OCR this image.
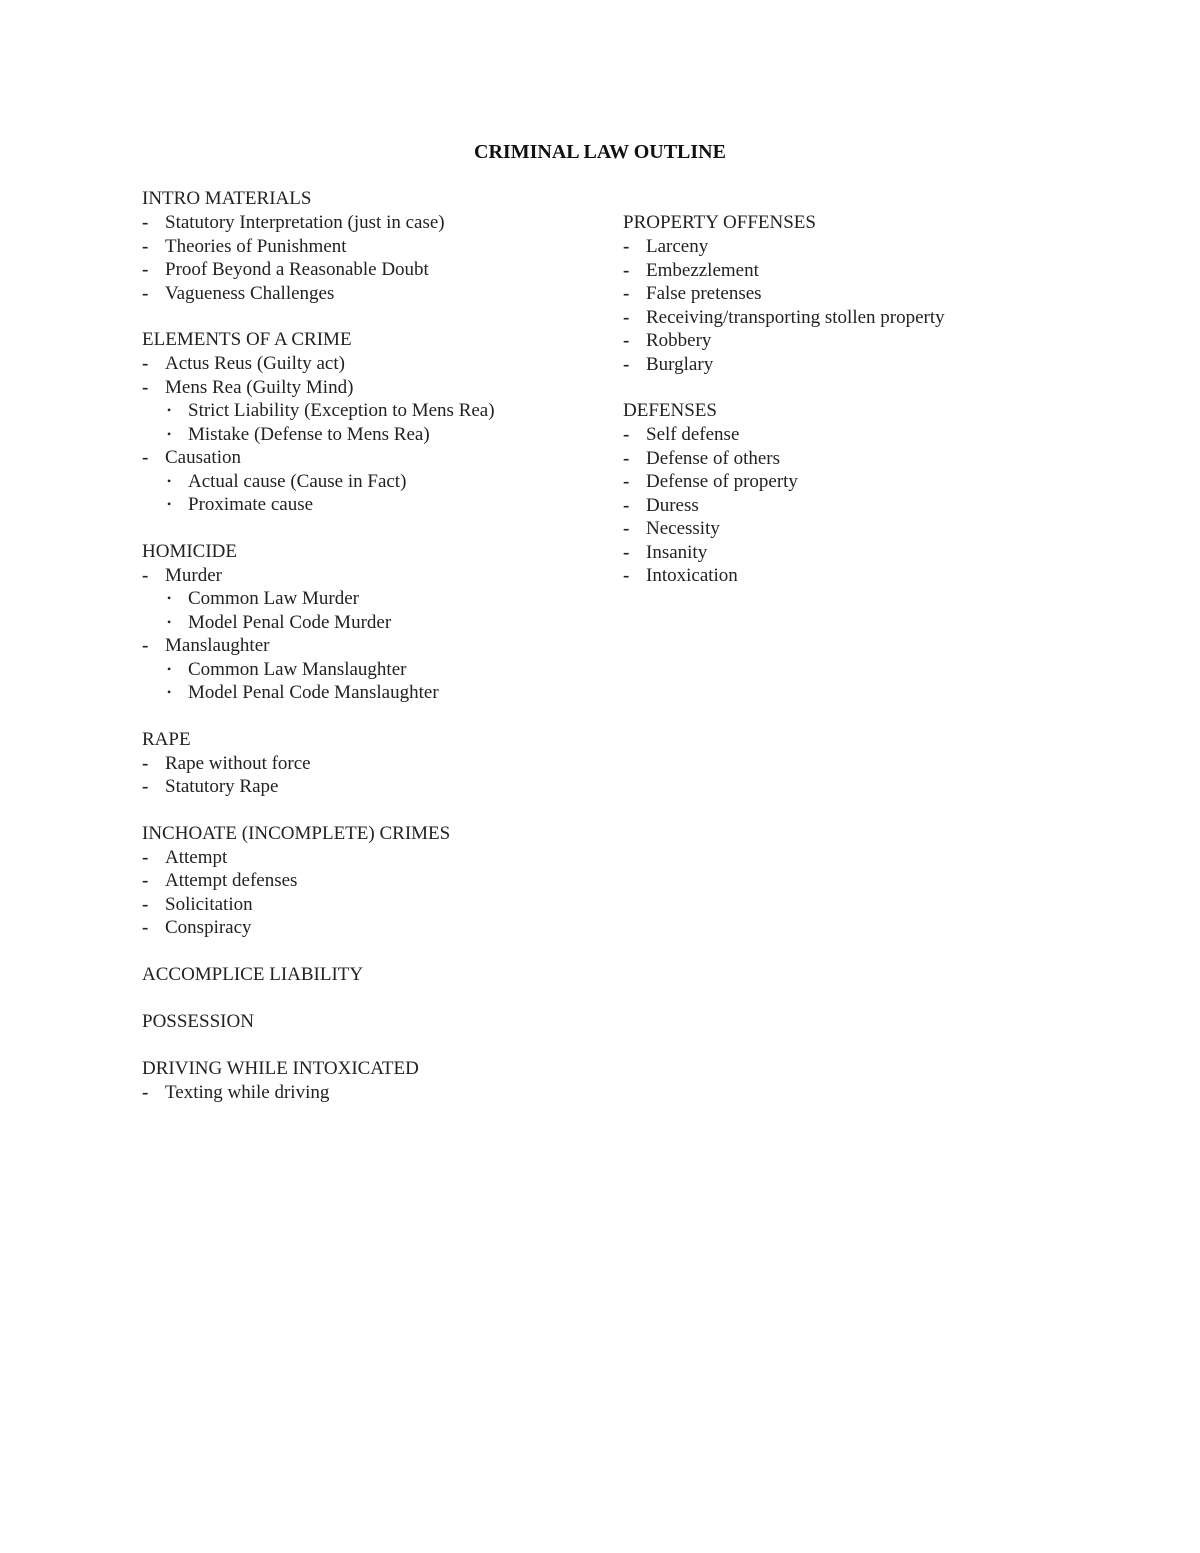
CRIMINAL LAW OUTLINE
INTRO MATERIALS
- Statutory Interpretation (just in case)
- Theories of Punishment
- Proof Beyond a Reasonable Doubt
- Vagueness Challenges
ELEMENTS OF A CRIME
- Actus Reus (Guilty act)
- Mens Rea (Guilty Mind)
• Strict Liability (Exception to Mens Rea)
• Mistake (Defense to Mens Rea)
- Causation
• Actual cause (Cause in Fact)
• Proximate cause
HOMICIDE
- Murder
• Common Law Murder
• Model Penal Code Murder
- Manslaughter
• Common Law Manslaughter
• Model Penal Code Manslaughter
RAPE
- Rape without force
- Statutory Rape
INCHOATE (INCOMPLETE) CRIMES
- Attempt
- Attempt defenses
- Solicitation
- Conspiracy
ACCOMPLICE LIABILITY
POSSESSION
DRIVING WHILE INTOXICATED
- Texting while driving
PROPERTY OFFENSES
- Larceny
- Embezzlement
- False pretenses
- Receiving/transporting stollen property
- Robbery
- Burglary
DEFENSES
- Self defense
- Defense of others
- Defense of property
- Duress
- Necessity
- Insanity
- Intoxication
